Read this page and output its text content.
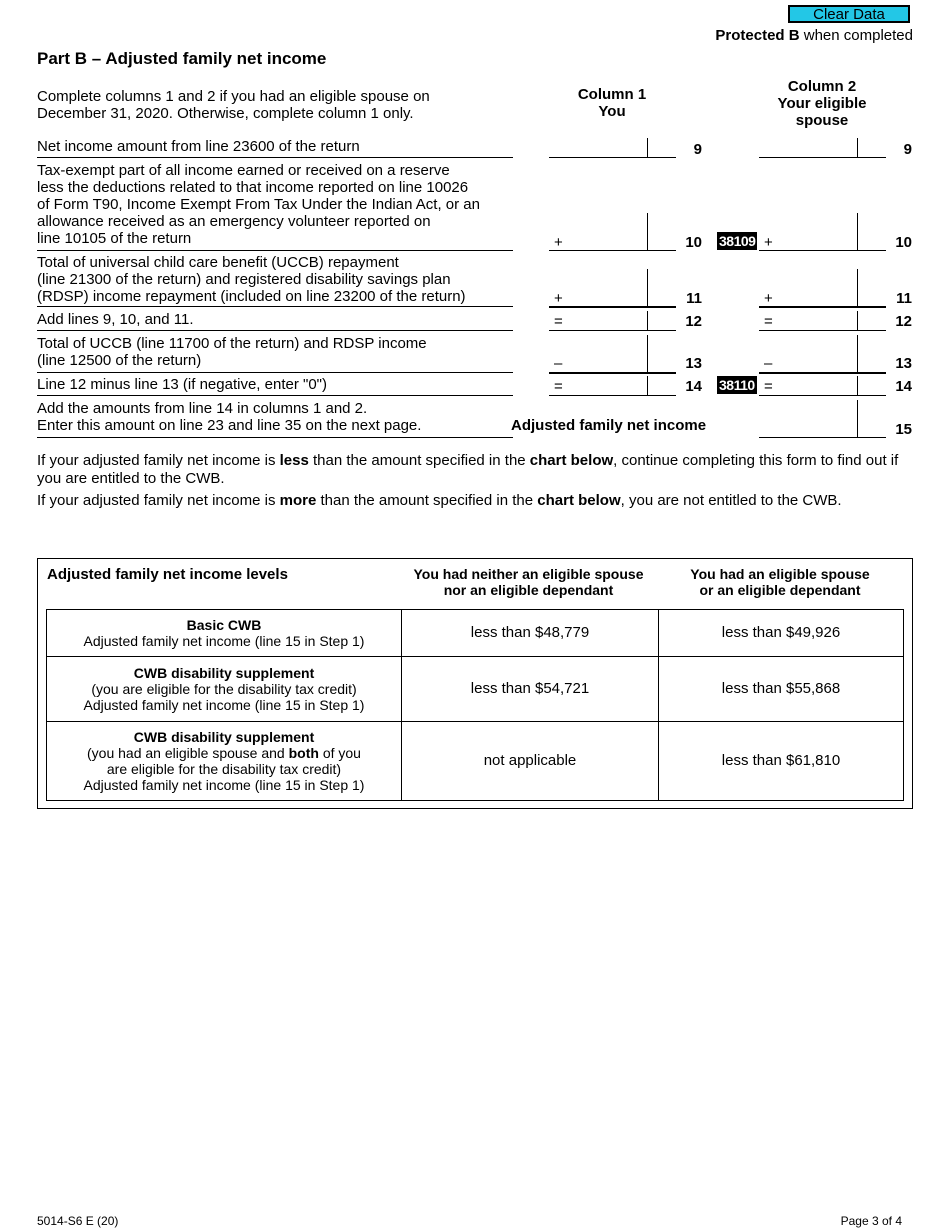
Clear Data
Protected B when completed
Part B – Adjusted family net income
Complete columns 1 and 2 if you had an eligible spouse on
December 31, 2020. Otherwise, complete column 1 only.
Column 1
You
Column 2
Your eligible
spouse
Net income amount from line 23600 of the return	9	9
Tax-exempt part of all income earned or received on a reserve
less the deductions related to that income reported on line 10026
of Form T90, Income Exempt From Tax Under the Indian Act, or an
allowance received as an emergency volunteer reported on
line 10105 of the return	+	10 38109 +	10
Total of universal child care benefit (UCCB) repayment
(line 21300 of the return) and registered disability savings plan
(RDSP) income repayment (included on line 23200 of the return)	+	11	+	11
Add lines 9, 10, and 11.	=	12	=	12
Total of UCCB (line 11700 of the return) and RDSP income
(line 12500 of the return)	–	13	–	13
Line 12 minus line 13 (if negative, enter "0")	=	14 38110 =	14
Add the amounts from line 14 in columns 1 and 2.
Enter this amount on line 23 and line 35 on the next page.	Adjusted family net income	15
If your adjusted family net income is less than the amount specified in the chart below, continue completing this form to find out if you are entitled to the CWB.
If your adjusted family net income is more than the amount specified in the chart below, you are not entitled to the CWB.
Adjusted family net income levels	You had neither an eligible spouse
nor an eligible dependant
You had an eligible spouse
or an eligible dependant
Basic CWB
Adjusted family net income (line 15 in Step 1)	less than $48,779	less than $49,926

CWB disability supplement
(you are eligible for the disability tax credit)
Adjusted family net income (line 15 in Step 1)	less than $54,721	less than $55,868

CWB disability supplement
(you had an eligible spouse and both of you
are eligible for the disability tax credit)
Adjusted family net income (line 15 in Step 1)	not applicable	less than $61,810
5014-S6 E (20)	Page 3 of 4
